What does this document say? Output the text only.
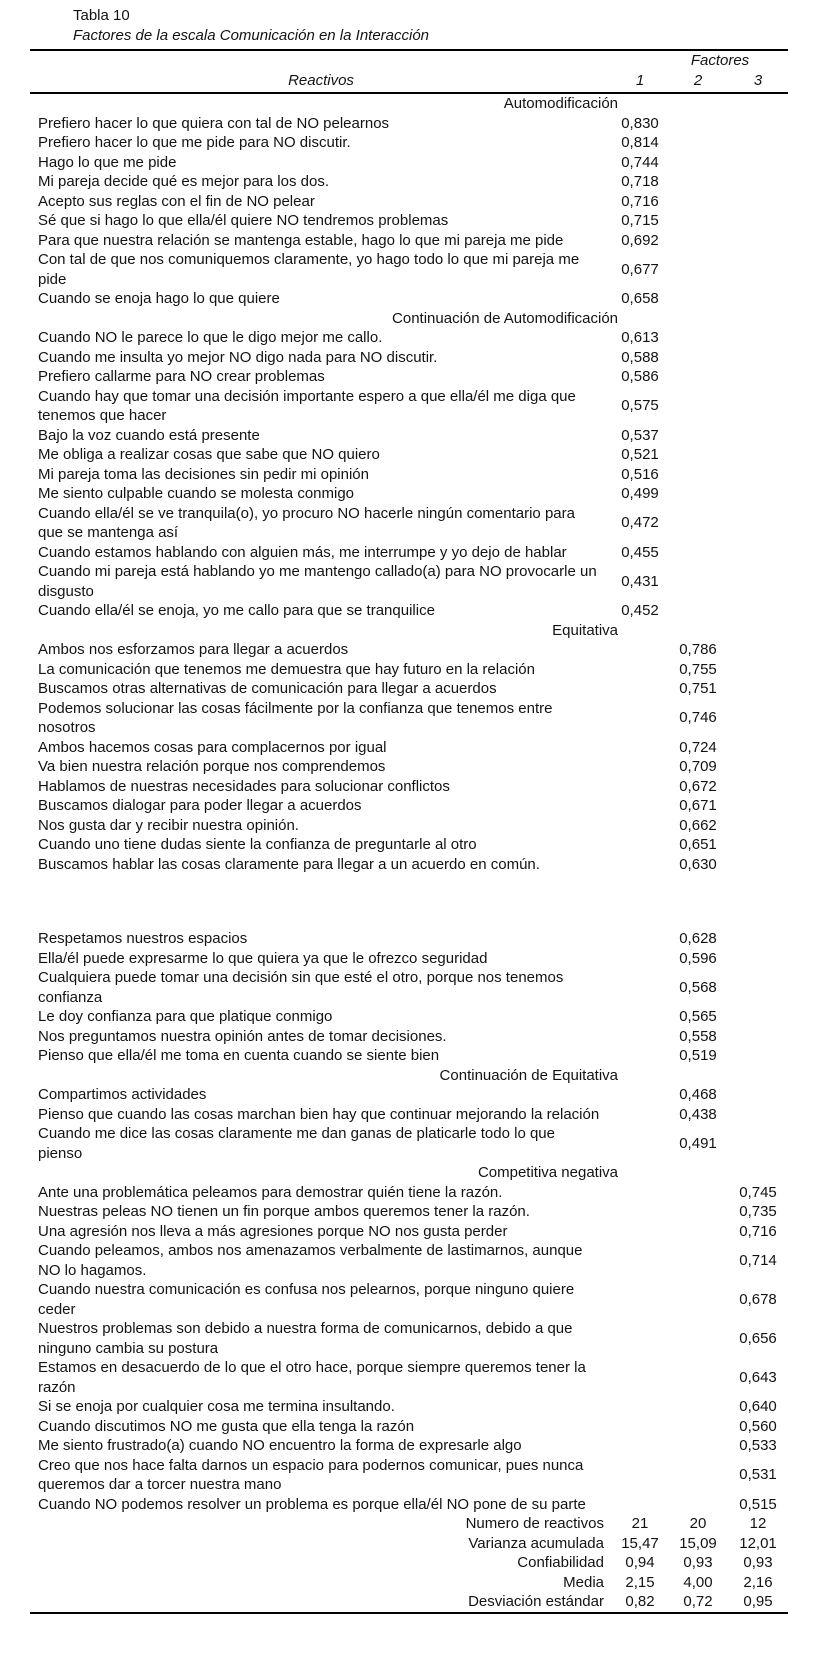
Tabla 10
Factores de la escala Comunicación en la Interacción
	Factores		
Reactivos	1	2	3
Automodificación			
Prefiero hacer lo que quiera con tal de NO pelearnos	0,830		
Prefiero hacer lo que me pide para NO discutir.	0,814		
Hago lo que me pide	0,744		
Mi pareja decide qué es mejor para los dos.	0,718		
Acepto sus reglas con el fin de NO pelear	0,716		
Sé que si hago lo que ella/él quiere NO tendremos problemas	0,715		
Para que nuestra relación se mantenga estable, hago lo que mi pareja me pide	0,692		
Con tal de que nos comuniquemos claramente, yo hago todo lo que mi pareja me pide	0,677		
Cuando se enoja hago lo que quiere	0,658		
Continuación de Automodificación			
Cuando NO le parece lo que le digo mejor me callo.	0,613		
Cuando me insulta yo mejor NO digo nada para NO discutir.	0,588		
Prefiero callarme para NO crear problemas	0,586		
Cuando hay que tomar una decisión importante espero a que ella/él me diga que tenemos que hacer	0,575		
Bajo la voz cuando está presente	0,537		
Me obliga a realizar cosas que sabe que NO quiero	0,521		
Mi pareja toma las decisiones sin pedir mi opinión	0,516		
Me siento culpable cuando se molesta conmigo	0,499		
Cuando ella/él se ve tranquila(o), yo procuro NO hacerle ningún comentario para que se mantenga así	0,472		
Cuando estamos hablando con alguien más, me interrumpe y yo dejo de hablar	0,455		
Cuando mi pareja está hablando yo me mantengo callado(a) para NO provocarle un disgusto	0,431		
Cuando ella/él se enoja, yo me callo para que se tranquilice	0,452		
Equitativa			
Ambos nos esforzamos para llegar a acuerdos		0,786	
La comunicación que tenemos me demuestra que hay futuro en la relación		0,755	
Buscamos otras alternativas de comunicación para llegar a acuerdos		0,751	
Podemos solucionar las cosas fácilmente por la confianza que tenemos entre nosotros		0,746	
Ambos hacemos cosas para complacernos por igual		0,724	
Va bien nuestra relación porque nos comprendemos		0,709	
Hablamos de nuestras necesidades para solucionar conflictos		0,672	
Buscamos dialogar para poder llegar a acuerdos		0,671	
Nos gusta dar y recibir nuestra opinión.		0,662	
Cuando uno tiene dudas siente la confianza de preguntarle al otro		0,651	
Buscamos hablar las cosas claramente para llegar a un acuerdo en común.		0,630	

Respetamos nuestros espacios		0,628	
Ella/él puede expresarme lo que quiera ya que le ofrezco seguridad		0,596	
Cualquiera puede tomar una decisión sin que esté el otro, porque nos tenemos confianza		0,568	
Le doy confianza para que platique conmigo		0,565	
Nos preguntamos nuestra opinión antes de tomar decisiones.		0,558	
Pienso que ella/él me toma en cuenta cuando se siente bien		0,519	
Continuación de Equitativa			
Compartimos actividades		0,468	
Pienso que cuando las cosas marchan bien hay que continuar mejorando la relación		0,438	
Cuando me dice las cosas claramente me dan ganas de platicarle todo lo que pienso		0,491	
Competitiva negativa			
Ante una problemática peleamos para demostrar quién tiene la razón.			0,745
Nuestras peleas NO tienen un fin porque ambos queremos tener la razón.			0,735
Una agresión nos lleva a más agresiones porque NO nos gusta perder			0,716
Cuando peleamos, ambos nos amenazamos verbalmente de lastimarnos, aunque NO lo hagamos.			0,714
Cuando nuestra comunicación es confusa nos pelearnos, porque ninguno quiere ceder			0,678
Nuestros problemas son debido a nuestra forma de comunicarnos, debido a que ninguno cambia su postura			0,656
Estamos en desacuerdo de lo que el otro hace, porque siempre queremos tener la razón			0,643
Si se enoja por cualquier cosa me termina insultando.			0,640
Cuando discutimos NO me gusta que ella tenga la razón			0,560
Me siento frustrado(a) cuando NO encuentro la forma de expresarle algo			0,533
Creo que nos hace falta darnos un espacio para podernos comunicar, pues nunca queremos dar a torcer nuestra mano			0,531
Cuando NO podemos resolver un problema es porque ella/él NO pone de su parte			0,515
Numero de reactivos	21	20	12
Varianza acumulada	15,47	15,09	12,01
Confiabilidad	0,94	0,93	0,93
Media	2,15	4,00	2,16
Desviación estándar	0,82	0,72	0,95
